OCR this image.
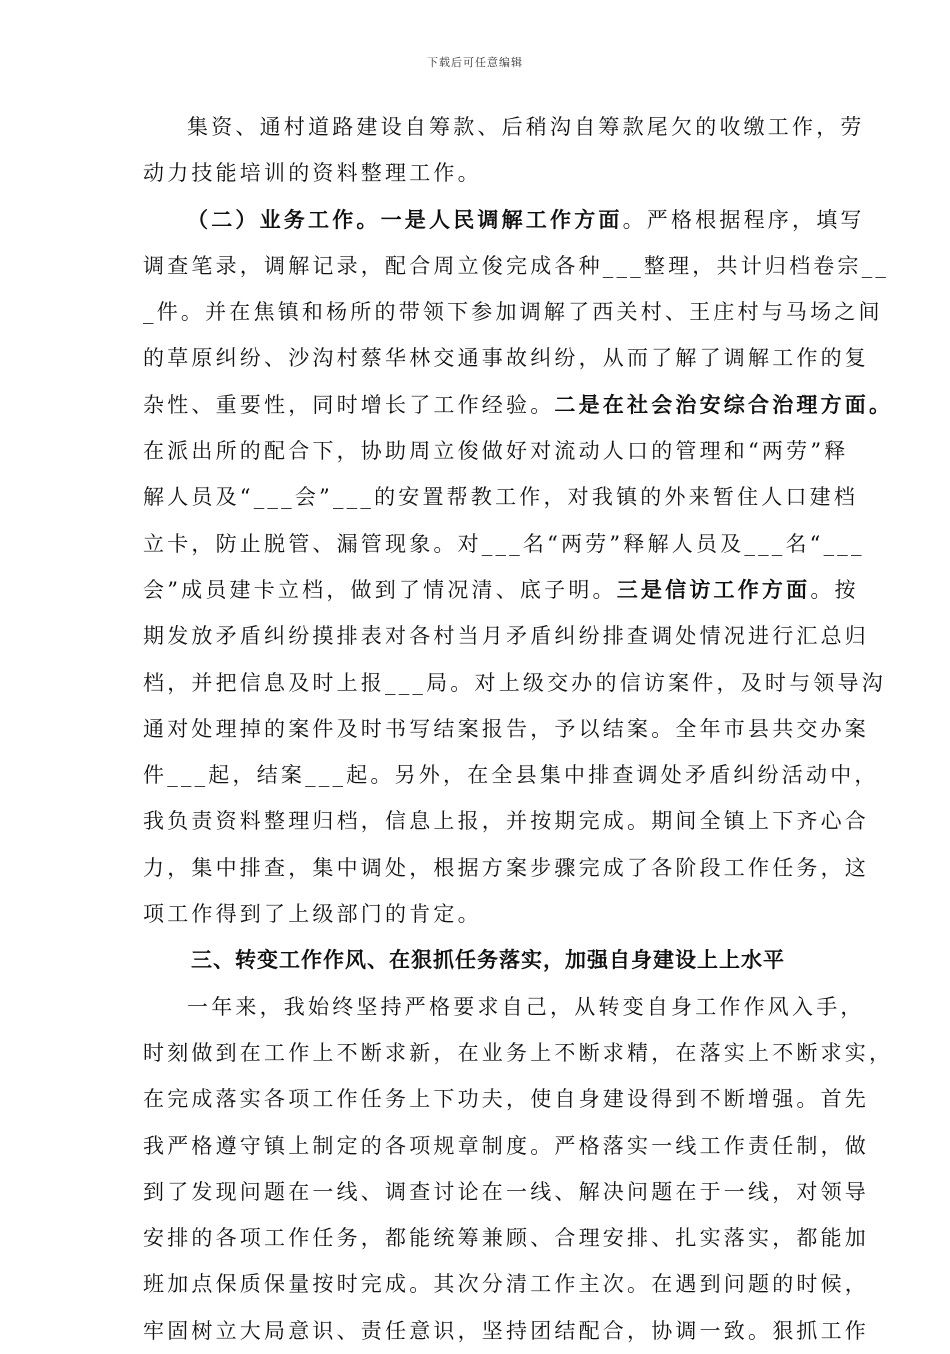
下载后可任意编辑
集资、通村道路建设自筹款、后稍沟自筹款尾欠的收缴工作，劳
动力技能培训的资料整理工作。
（二）业务工作。一是人民调解工作方面。严格根据程序，填写
调查笔录，调解记录，配合周立俊完成各种___整理，共计归档卷宗__
_件。并在焦镇和杨所的带领下参加调解了西关村、王庄村与马场之间
的草原纠纷、沙沟村蔡华林交通事故纠纷，从而了解了调解工作的复
杂性、重要性，同时增长了工作经验。二是在社会治安综合治理方面。
在派出所的配合下，协助周立俊做好对流动人口的管理和“两劳”释
解人员及“___会”___的安置帮教工作，对我镇的外来暂住人口建档
立卡，防止脱管、漏管现象。对___名“两劳”释解人员及___名“___
会”成员建卡立档，做到了情况清、底子明。三是信访工作方面。按
期发放矛盾纠纷摸排表对各村当月矛盾纠纷排查调处情况进行汇总归
档，并把信息及时上报___局。对上级交办的信访案件，及时与领导沟
通对处理掉的案件及时书写结案报告，予以结案。全年市县共交办案
件___起，结案___起。另外，在全县集中排查调处矛盾纠纷活动中，
我负责资料整理归档，信息上报，并按期完成。期间全镇上下齐心合
力，集中排查，集中调处，根据方案步骤完成了各阶段工作任务，这
项工作得到了上级部门的肯定。
三、转变工作作风、在狠抓任务落实，加强自身建设上上水平
一年来，我始终坚持严格要求自己，从转变自身工作作风入手，
时刻做到在工作上不断求新，在业务上不断求精，在落实上不断求实，
在完成落实各项工作任务上下功夫，使自身建设得到不断增强。首先
我严格遵守镇上制定的各项规章制度。严格落实一线工作责任制，做
到了发现问题在一线、调查讨论在一线、解决问题在于一线，对领导
安排的各项工作任务，都能统筹兼顾、合理安排、扎实落实，都能加
班加点保质保量按时完成。其次分清工作主次。在遇到问题的时候，
牢固树立大局意识、责任意识，坚持团结配合，协调一致。狠抓工作
